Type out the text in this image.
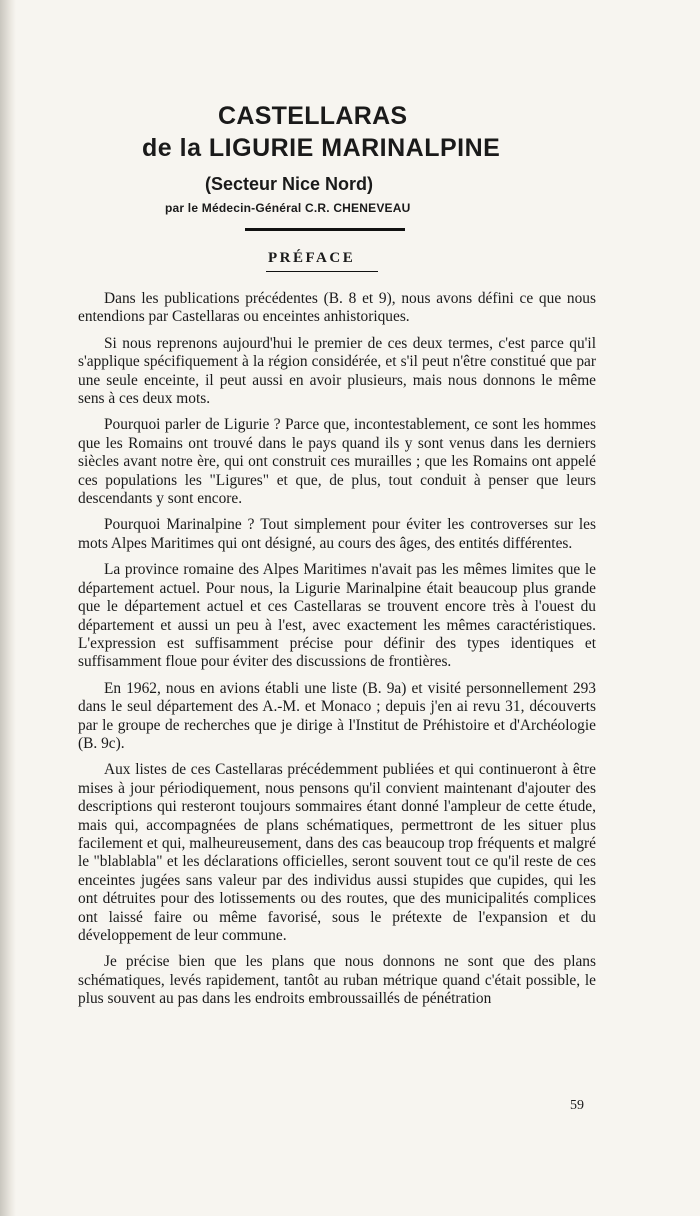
CASTELLARAS
de la LIGURIE MARINALPINE
(Secteur Nice Nord)
par le Médecin-Général C.R. CHENEVEAU
PRÉFACE

Dans les publications précédentes (B. 8 et 9), nous avons défini ce que nous entendions par Castellaras ou enceintes anhistoriques.

Si nous reprenons aujourd'hui le premier de ces deux termes, c'est parce qu'il s'applique spécifiquement à la région considérée, et s'il peut n'être constitué que par une seule enceinte, il peut aussi en avoir plusieurs, mais nous donnons le même sens à ces deux mots.

Pourquoi parler de Ligurie ? Parce que, incontestablement, ce sont les hommes que les Romains ont trouvé dans le pays quand ils y sont venus dans les derniers siècles avant notre ère, qui ont construit ces murailles ; que les Romains ont appelé ces populations les "Ligures" et que, de plus, tout conduit à penser que leurs descendants y sont encore.

Pourquoi Marinalpine ? Tout simplement pour éviter les controverses sur les mots Alpes Maritimes qui ont désigné, au cours des âges, des entités différentes.

La province romaine des Alpes Maritimes n'avait pas les mêmes limites que le département actuel. Pour nous, la Ligurie Marinalpine était beaucoup plus grande que le département actuel et ces Castellaras se trouvent encore très à l'ouest du département et aussi un peu à l'est, avec exactement les mêmes caractéristiques. L'expression est suffisamment précise pour définir des types identiques et suffisamment floue pour éviter des discussions de frontières.

En 1962, nous en avions établi une liste (B. 9a) et visité personnellement 293 dans le seul département des A.-M. et Monaco ; depuis j'en ai revu 31, découverts par le groupe de recherches que je dirige à l'Institut de Préhistoire et d'Archéologie (B. 9c).

Aux listes de ces Castellaras précédemment publiées et qui continueront à être mises à jour périodiquement, nous pensons qu'il convient maintenant d'ajouter des descriptions qui resteront toujours sommaires étant donné l'ampleur de cette étude, mais qui, accompagnées de plans schématiques, permettront de les situer plus facilement et qui, malheureusement, dans des cas beaucoup trop fréquents et malgré le "blablabla" et les déclarations officielles, seront souvent tout ce qu'il reste de ces enceintes jugées sans valeur par des individus aussi stupides que cupides, qui les ont détruites pour des lotissements ou des routes, que des municipalités complices ont laissé faire ou même favorisé, sous le prétexte de l'expansion et du développement de leur commune.

Je précise bien que les plans que nous donnons ne sont que des plans schématiques, levés rapidement, tantôt au ruban métrique quand c'était possible, le plus souvent au pas dans les endroits embroussaillés de pénétration

59
